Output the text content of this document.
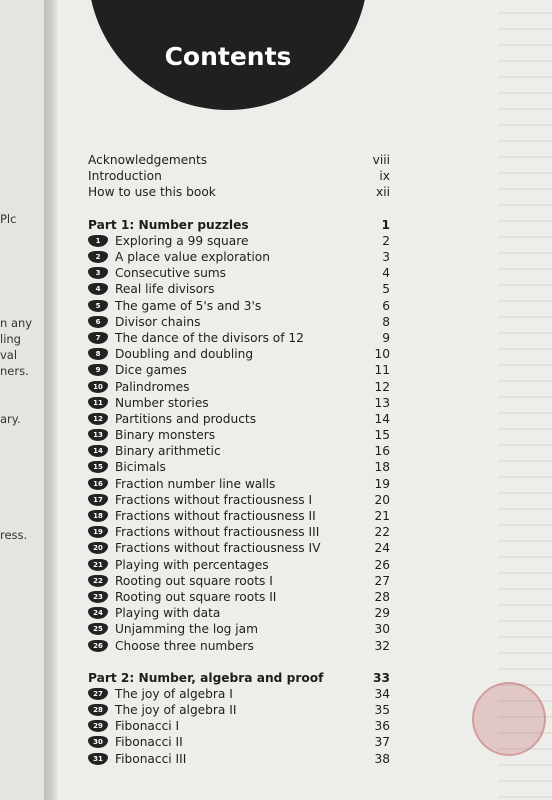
Plc
n any
ling
val
ners.
ary.
ress.
Contents
Acknowledgements	viii
Introduction	ix
How to use this book	xii
Part 1: Number puzzles	1
1	Exploring a 99 square	2
2	A place value exploration	3
3	Consecutive sums	4
4	Real life divisors	5
5	The game of 5's and 3's	6
6	Divisor chains	8
7	The dance of the divisors of 12	9
8	Doubling and doubling	10
9	Dice games	11
10 Palindromes	12
11 Number stories	13
12 Partitions and products	14
13 Binary monsters	15
14 Binary arithmetic	16
15 Bicimals	18
16 Fraction number line walls	19
17 Fractions without fractiousness I	20
18 Fractions without fractiousness II	21
19 Fractions without fractiousness III	22
20 Fractions without fractiousness IV	24
21 Playing with percentages	26
22 Rooting out square roots I	27
23 Rooting out square roots II	28
24 Playing with data	29
25 Unjamming the log jam	30
26 Choose three numbers	32
Part 2: Number, algebra and proof	33
27 The joy of algebra I	34
28 The joy of algebra II	35
29 Fibonacci I	36
30 Fibonacci II	37
31 Fibonacci III	38
